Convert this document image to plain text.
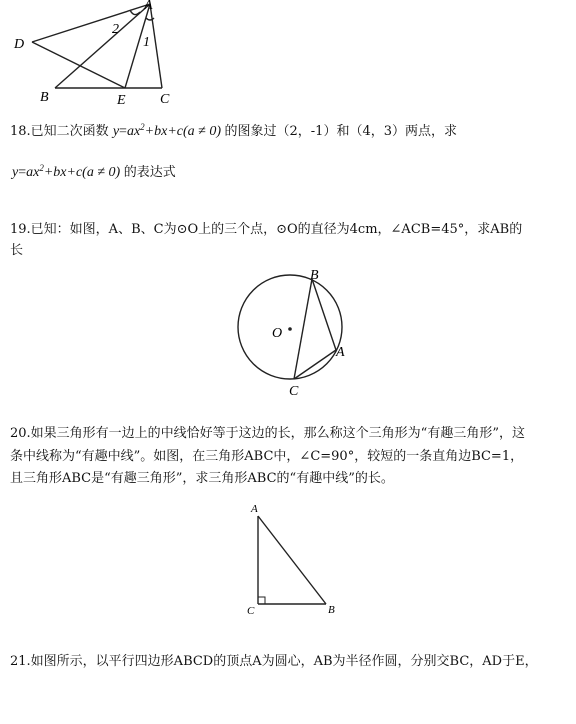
A
D
B	E C
2
1
18.已知二次函数 $y=ax^2+bx+c(a \ne 0)$ 的图象过（2，-1）和（4，3）两点，求
$y=ax^2+bx+c(a \ne 0)$ 的表达式
19.已知：如图，A、B、C为⊙O上的三个点，⊙O的直径为4cm，∠ACB=45°，求AB的
长
O
B
A
C
20.如果三角形有一边上的中线恰好等于这边的长，那么称这个三角形为“有趣三角形”，这
条中线称为“有趣中线”。如图，在三角形ABC中，∠C=90°，较短的一条直角边BC=1，
且三角形ABC是“有趣三角形”，求三角形ABC的“有趣中线”的长。
A
C	B
21.如图所示，以平行四边形ABCD的顶点A为圆心，AB为半径作圆，分别交BC，AD于E，
